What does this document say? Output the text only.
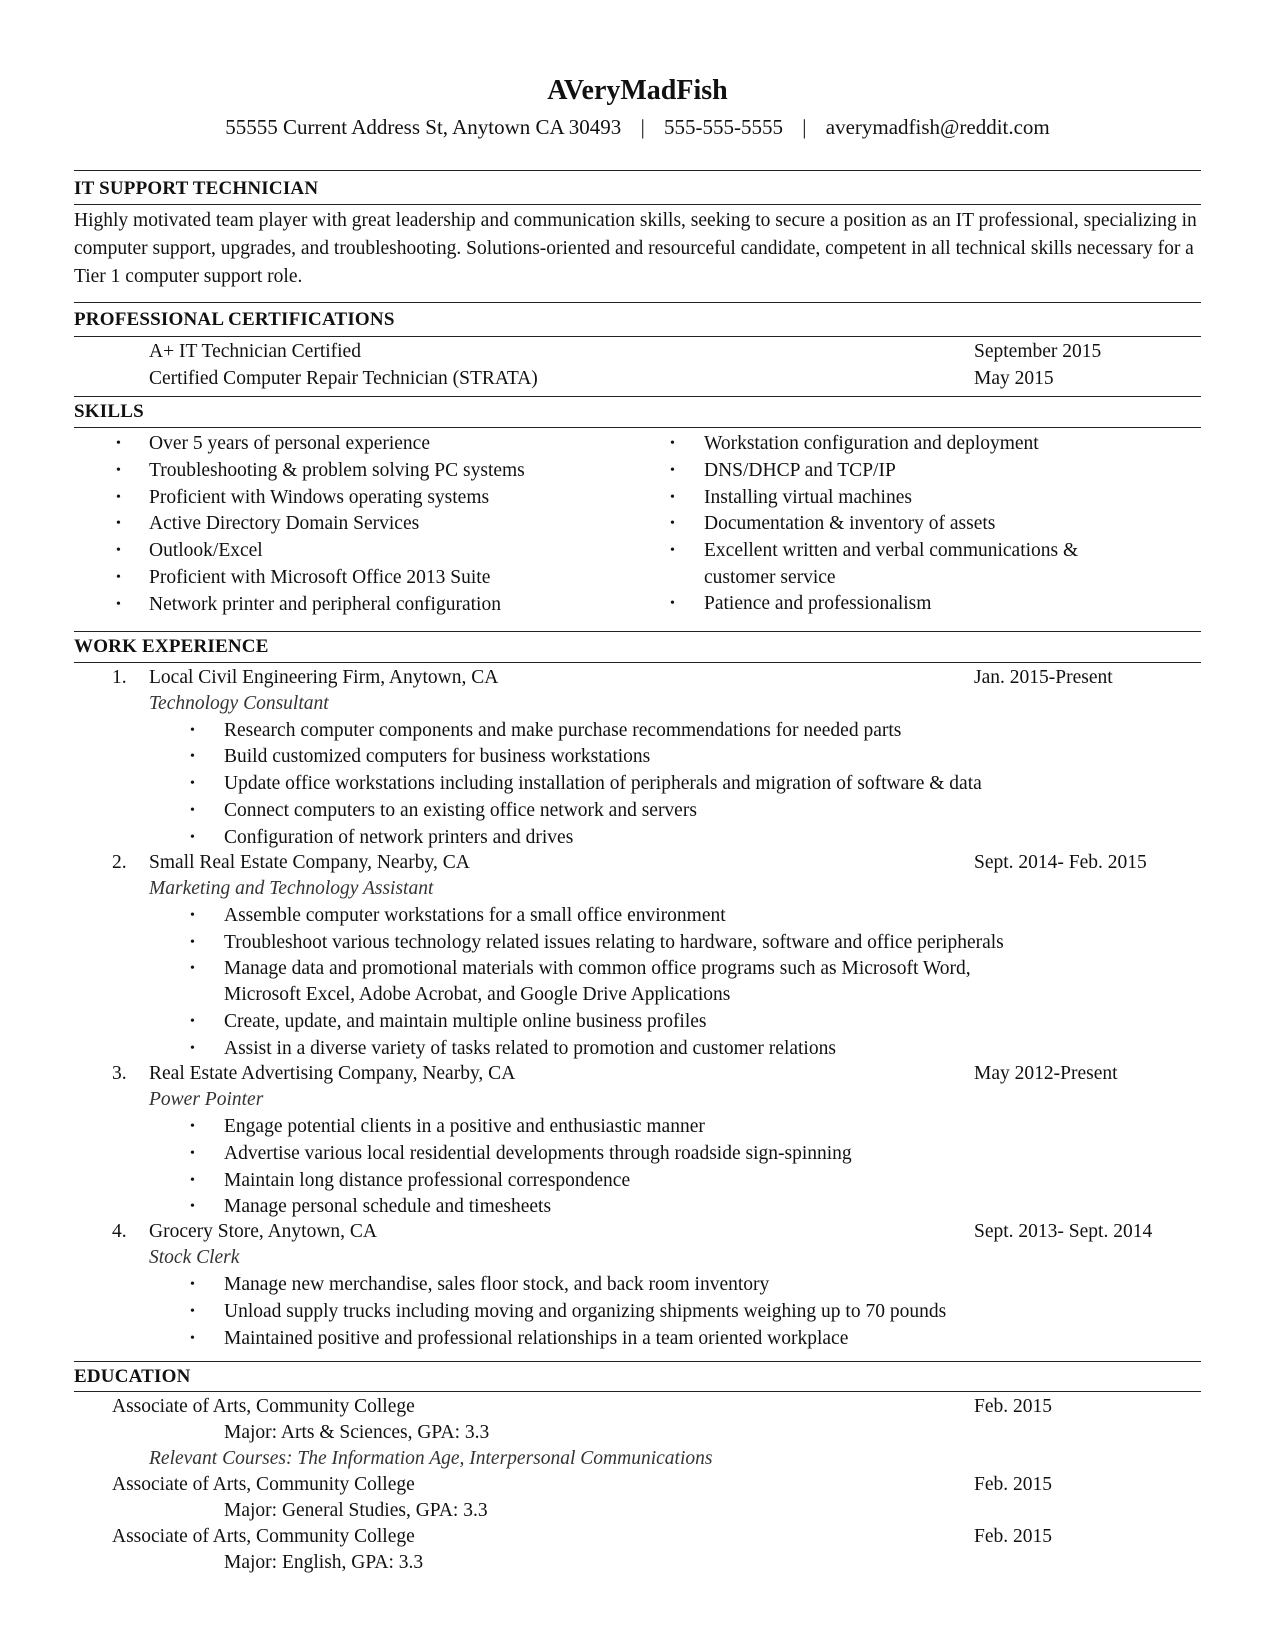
AVeryMadFish
55555 Current Address St, Anytown CA 30493 | 555-555-5555 | averymadfish@reddit.com
IT SUPPORT TECHNICIAN
Highly motivated team player with great leadership and communication skills, seeking to secure a position as an IT professional, specializing in computer support, upgrades, and troubleshooting. Solutions-oriented and resourceful candidate, competent in all technical skills necessary for a Tier 1 computer support role.
PROFESSIONAL CERTIFICATIONS
A+ IT Technician Certified	September 2015
Certified Computer Repair Technician (STRATA)	May 2015
SKILLS
• Over 5 years of personal experience
• Troubleshooting & problem solving PC systems
• Proficient with Windows operating systems
• Active Directory Domain Services
• Outlook/Excel
• Proficient with Microsoft Office 2013 Suite
• Network printer and peripheral configuration
• Workstation configuration and deployment
• DNS/DHCP and TCP/IP
• Installing virtual machines
• Documentation & inventory of assets
• Excellent written and verbal communications &
customer service
• Patience and professionalism
WORK EXPERIENCE
1. Local Civil Engineering Firm, Anytown, CA	Jan. 2015-Present
Technology Consultant
• Research computer components and make purchase recommendations for needed parts
• Build customized computers for business workstations
• Update office workstations including installation of peripherals and migration of software & data
• Connect computers to an existing office network and servers
• Configuration of network printers and drives
2. Small Real Estate Company, Nearby, CA	Sept. 2014- Feb. 2015
Marketing and Technology Assistant
• Assemble computer workstations for a small office environment
• Troubleshoot various technology related issues relating to hardware, software and office peripherals
• Manage data and promotional materials with common office programs such as Microsoft Word,
Microsoft Excel, Adobe Acrobat, and Google Drive Applications
• Create, update, and maintain multiple online business profiles
• Assist in a diverse variety of tasks related to promotion and customer relations
3. Real Estate Advertising Company, Nearby, CA	May 2012-Present
Power Pointer
• Engage potential clients in a positive and enthusiastic manner
• Advertise various local residential developments through roadside sign-spinning
• Maintain long distance professional correspondence
• Manage personal schedule and timesheets
4. Grocery Store, Anytown, CA	Sept. 2013- Sept. 2014
Stock Clerk
• Manage new merchandise, sales floor stock, and back room inventory
• Unload supply trucks including moving and organizing shipments weighing up to 70 pounds
• Maintained positive and professional relationships in a team oriented workplace
EDUCATION
Associate of Arts, Community College	Feb. 2015
Major: Arts & Sciences, GPA: 3.3
Relevant Courses: The Information Age, Interpersonal Communications
Associate of Arts, Community College	Feb. 2015
Major: General Studies, GPA: 3.3
Associate of Arts, Community College	Feb. 2015
Major: English, GPA: 3.3
